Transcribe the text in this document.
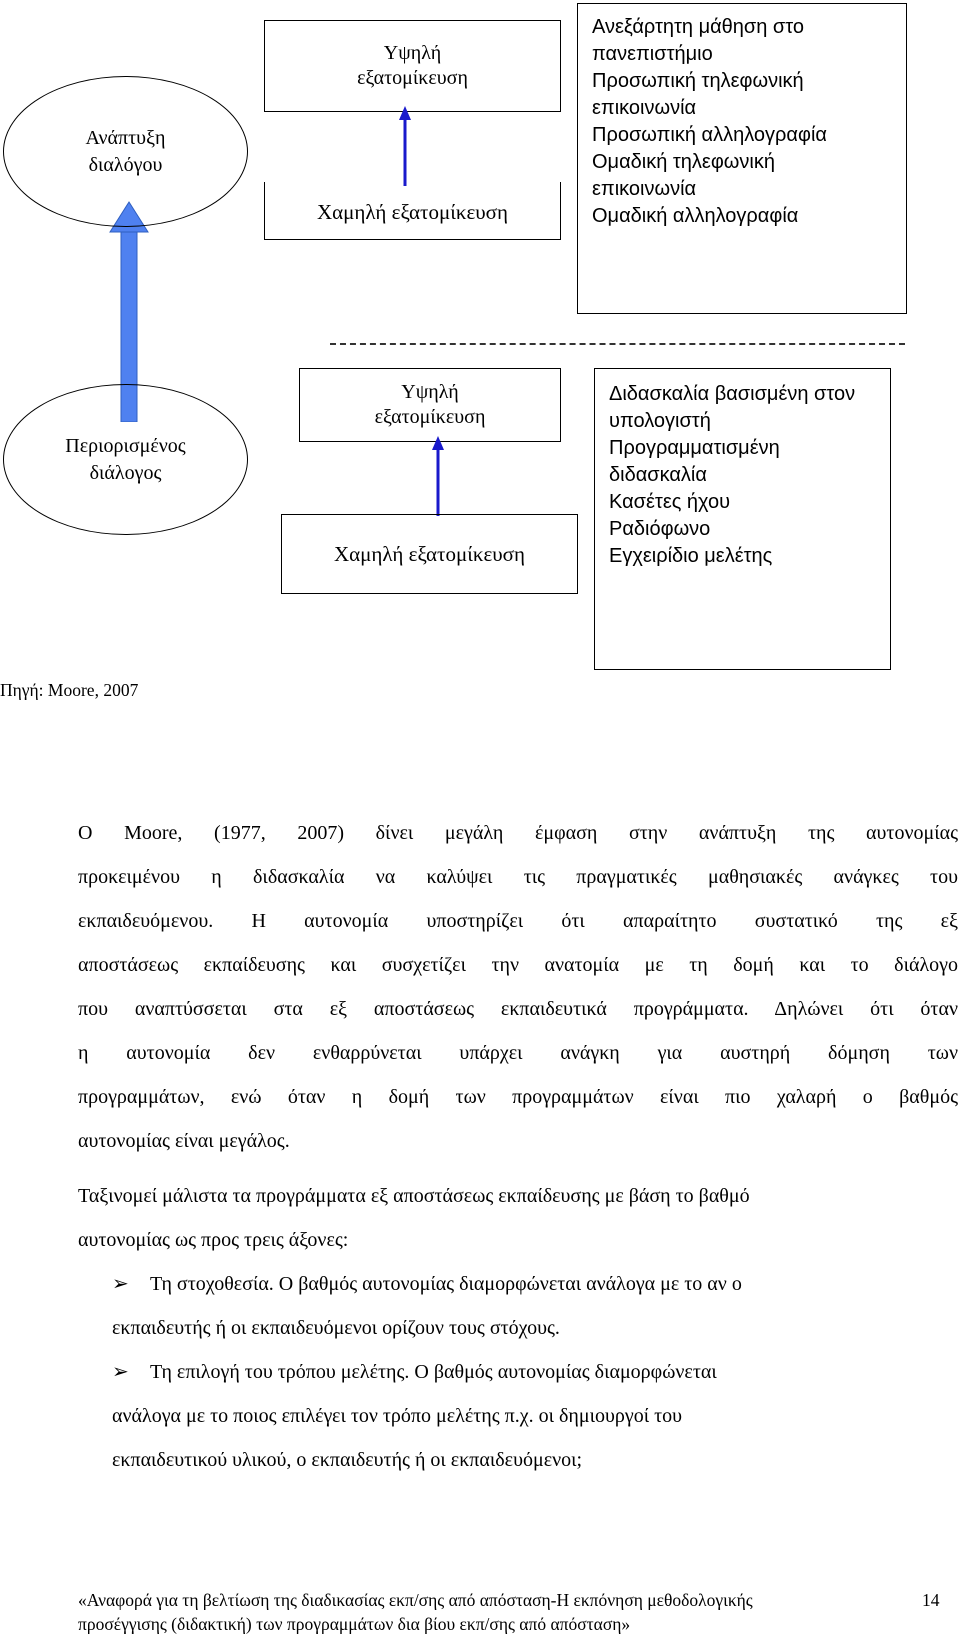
Ανάπτυξη διαλόγου
Περιορισμένος διάλογος
Υψηλή εξατομίκευση
Χαμηλή εξατομίκευση
Ανεξάρτητη μάθηση στο
πανεπιστήμιο
Προσωπική τηλεφωνική
επικοινωνία
Προσωπική αλληλογραφία
Ομαδική τηλεφωνική
επικοινωνία
Ομαδική αλληλογραφία
Υψηλή εξατομίκευση
Χαμηλή εξατομίκευση
Διδασκαλία βασισμένη στον
υπολογιστή
Προγραμματισμένη
διδασκαλία
Κασέτες ήχου
Ραδιόφωνο
Εγχειρίδιο μελέτης
Πηγή: Moore, 2007
Ο Moore, (1977, 2007) δίνει μεγάλη έμφαση στην ανάπτυξη της αυτονομίας
προκειμένου η διδασκαλία να καλύψει τις πραγματικές μαθησιακές ανάγκες του
εκπαιδευόμενου. Η αυτονομία υποστηρίζει ότι απαραίτητο συστατικό της εξ
αποστάσεως εκπαίδευσης και συσχετίζει την ανατομία με τη δομή και το διάλογο
που αναπτύσσεται στα εξ αποστάσεως εκπαιδευτικά προγράμματα. Δηλώνει ότι όταν
η αυτονομία δεν ενθαρρύνεται υπάρχει ανάγκη για αυστηρή δόμηση των
προγραμμάτων, ενώ όταν η δομή των προγραμμάτων είναι πιο χαλαρή ο βαθμός
αυτονομίας είναι μεγάλος.
Ταξινομεί μάλιστα τα προγράμματα εξ αποστάσεως εκπαίδευσης με βάση το βαθμό
αυτονομίας ως προς τρεις άξονες:
➢ Τη στοχοθεσία. Ο βαθμός αυτονομίας διαμορφώνεται ανάλογα με το αν ο
εκπαιδευτής ή οι εκπαιδευόμενοι ορίζουν τους στόχους.
➢ Τη επιλογή του τρόπου μελέτης. Ο βαθμός αυτονομίας διαμορφώνεται
ανάλογα με το ποιος επιλέγει τον τρόπο μελέτης π.χ. οι δημιουργοί του
εκπαιδευτικού υλικού, ο εκπαιδευτής ή οι εκπαιδευόμενοι;
«Αναφορά για τη βελτίωση της διαδικασίας εκπ/σης από απόσταση-Η εκπόνηση μεθοδολογικής
προσέγγισης (διδακτική) των προγραμμάτων δια βίου εκπ/σης από απόσταση»
14
